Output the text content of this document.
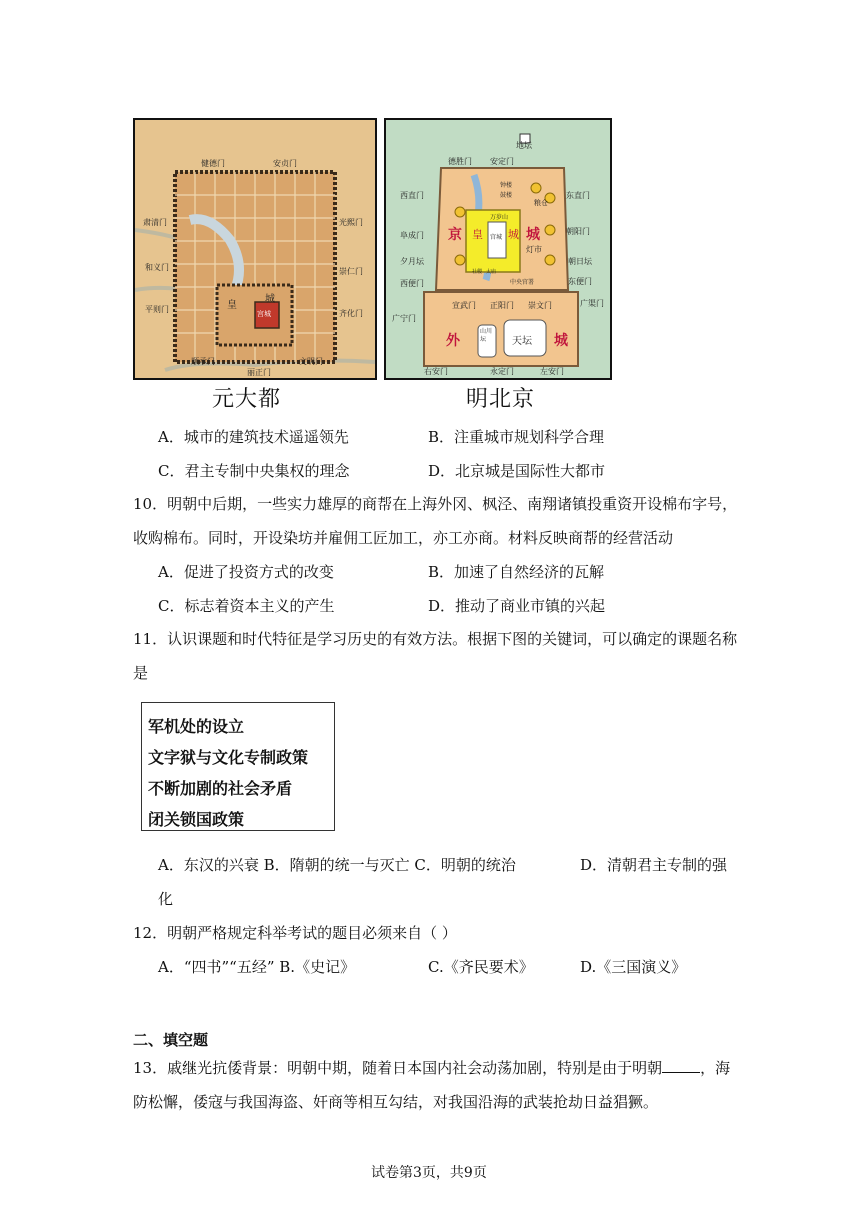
健德门	安贞门
肃清门	光熙门
和义门	崇仁门
平则门	齐化门
顺承门
丽正门
文明门
皇
城
宫城
元大都
地坛
德胜门 安定门
西直门	东直门
阜成门	朝阳门
朝日坛
夕月坛
西便门	东便门
广宁门
广渠门
宣武门 正阳门 崇文门
右安门	永定门	左安门
钟楼
鼓楼
万岁山
宫城
粮仓
灯市
中央官署
太庙
社稷
京	城
皇 城
外	城
天坛
山川坛
明北京
A．城市的建筑技术遥遥领先	B．注重城市规划科学合理
C．君主专制中央集权的理念	D．北京城是国际性大都市
10．明朝中后期，一些实力雄厚的商帮在上海外冈、枫泾、南翔诸镇投重资开设棉布字号，
收购棉布。同时，开设染坊并雇佣工匠加工，亦工亦商。材料反映商帮的经营活动
A．促进了投资方式的改变	B．加速了自然经济的瓦解
C．标志着资本主义的产生	D．推动了商业市镇的兴起
11．认识课题和时代特征是学习历史的有效方法。根据下图的关键词，可以确定的课题名称
是
军机处的设立
文字狱与文化专制政策
不断加剧的社会矛盾
闭关锁国政策
A．东汉的兴衰 B．隋朝的统一与灭亡 C．明朝的统治	D．清朝君主专制的强
化
12．明朝严格规定科举考试的题目必须来自（ ）
A．“四书”“五经” B.《史记》	C.《齐民要术》	D.《三国演义》
二、填空题
13．戚继光抗倭背景：明朝中期，随着日本国内社会动荡加剧，特别是由于明朝	，海
防松懈，倭寇与我国海盗、奸商等相互勾结，对我国沿海的武装抢劫日益猖獗。
试卷第3页，共9页
